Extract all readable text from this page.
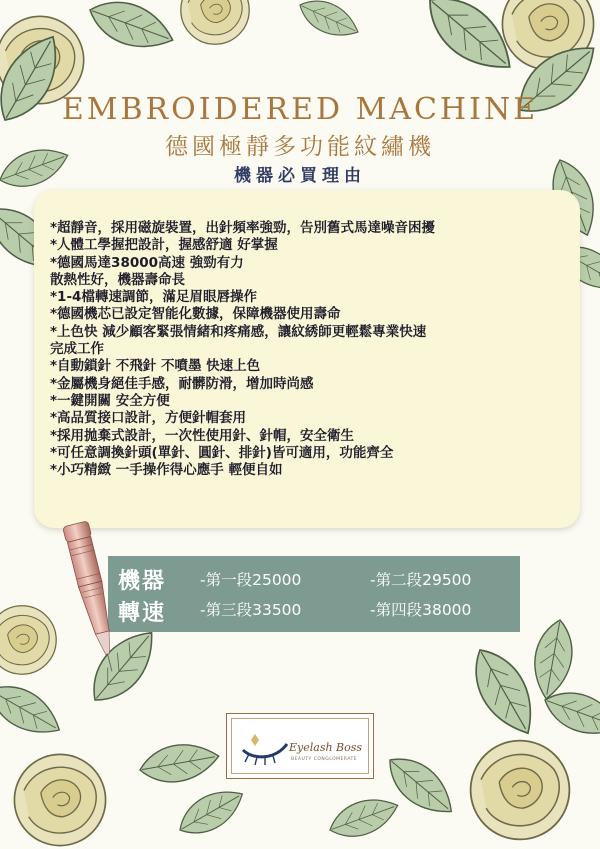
EMBROIDERED MACHINE
德國極靜多功能紋繡機
機器必買理由
*超靜音，採用磁旋裝置，出針頻率強勁，告別舊式馬達噪音困擾
*人體工學握把設計，握感舒適 好掌握
*德國馬達38000高速 強勁有力
散熱性好，機器壽命長
*1-4檔轉速調節，滿足眉眼唇操作
*德國機芯已設定智能化數據，保障機器使用壽命
*上色快 減少顧客緊張情緒和疼痛感，讓紋綉師更輕鬆專業快速
完成工作
*自動鎖針 不飛針 不噴墨 快速上色
*金屬機身絕佳手感，耐髒防滑，增加時尚感
*一鍵開關 安全方便
*高品質接口設計，方便針帽套用
*採用拋棄式設計，一次性使用針、針帽，安全衛生
*可任意調換針頭(單針、圓針、排針)皆可適用，功能齊全
*小巧精緻 一手操作得心應手 輕便自如
機器
轉速
-第一段25000	-第二段29500
-第三段33500	-第四段38000
Eyelash Boss
BEAUTY CONGLOMERATE
